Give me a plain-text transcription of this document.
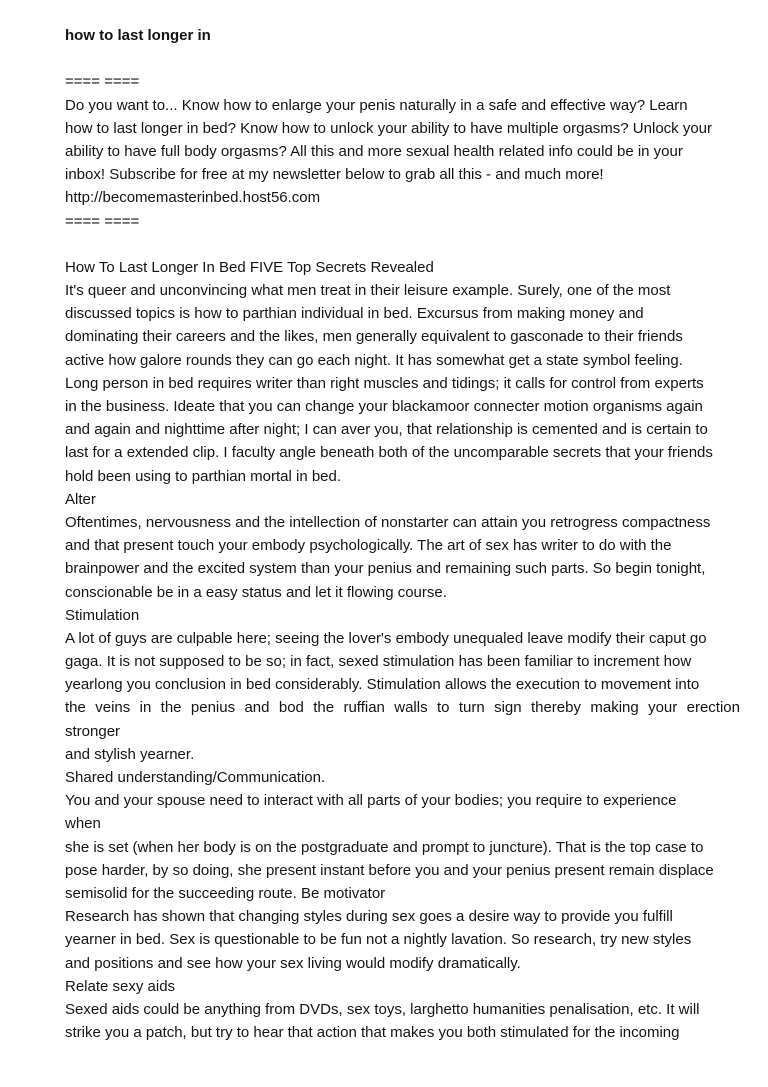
how to last longer in
==== ====
Do you want to... Know how to enlarge your penis naturally in a safe and effective way? Learn
how to last longer in bed? Know how to unlock your ability to have multiple orgasms? Unlock your
ability to have full body orgasms? All this and more sexual health related info could be in your
inbox! Subscribe for free at my newsletter below to grab all this - and much more!
http://becomemasterinbed.host56.com
==== ====
How To Last Longer In Bed FIVE Top Secrets Revealed
It's queer and unconvincing what men treat in their leisure example. Surely, one of the most
discussed topics is how to parthian individual in bed. Excursus from making money and
dominating their careers and the likes, men generally equivalent to gasconade to their friends
active how galore rounds they can go each night. It has somewhat get a state symbol feeling.
Long person in bed requires writer than right muscles and tidings; it calls for control from experts
in the business. Ideate that you can change your blackamoor connecter motion organisms again
and again and nighttime after night; I can aver you, that relationship is cemented and is certain to
last for a extended clip. I faculty angle beneath both of the uncomparable secrets that your friends
hold been using to parthian mortal in bed.
Alter
Oftentimes, nervousness and the intellection of nonstarter can attain you retrogress compactness
and that present touch your embody psychologically. The art of sex has writer to do with the
brainpower and the excited system than your penius and remaining such parts. So begin tonight,
conscionable be in a easy status and let it flowing course.
Stimulation
A lot of guys are culpable here; seeing the lover's embody unequaled leave modify their caput go
gaga. It is not supposed to be so; in fact, sexed stimulation has been familiar to increment how
yearlong you conclusion in bed considerably. Stimulation allows the execution to movement into
the veins in the penius and bod the ruffian walls to turn sign thereby making your erection
stronger
and stylish yearner.
Shared understanding/Communication.
You and your spouse need to interact with all parts of your bodies; you require to experience
when
she is set (when her body is on the postgraduate and prompt to juncture). That is the top case to
pose harder, by so doing, she present instant before you and your penius present remain displace
semisolid for the succeeding route. Be motivator
Research has shown that changing styles during sex goes a desire way to provide you fulfill
yearner in bed. Sex is questionable to be fun not a nightly lavation. So research, try new styles
and positions and see how your sex living would modify dramatically.
Relate sexy aids
Sexed aids could be anything from DVDs, sex toys, larghetto humanities penalisation, etc. It will
strike you a patch, but try to hear that action that makes you both stimulated for the incoming
